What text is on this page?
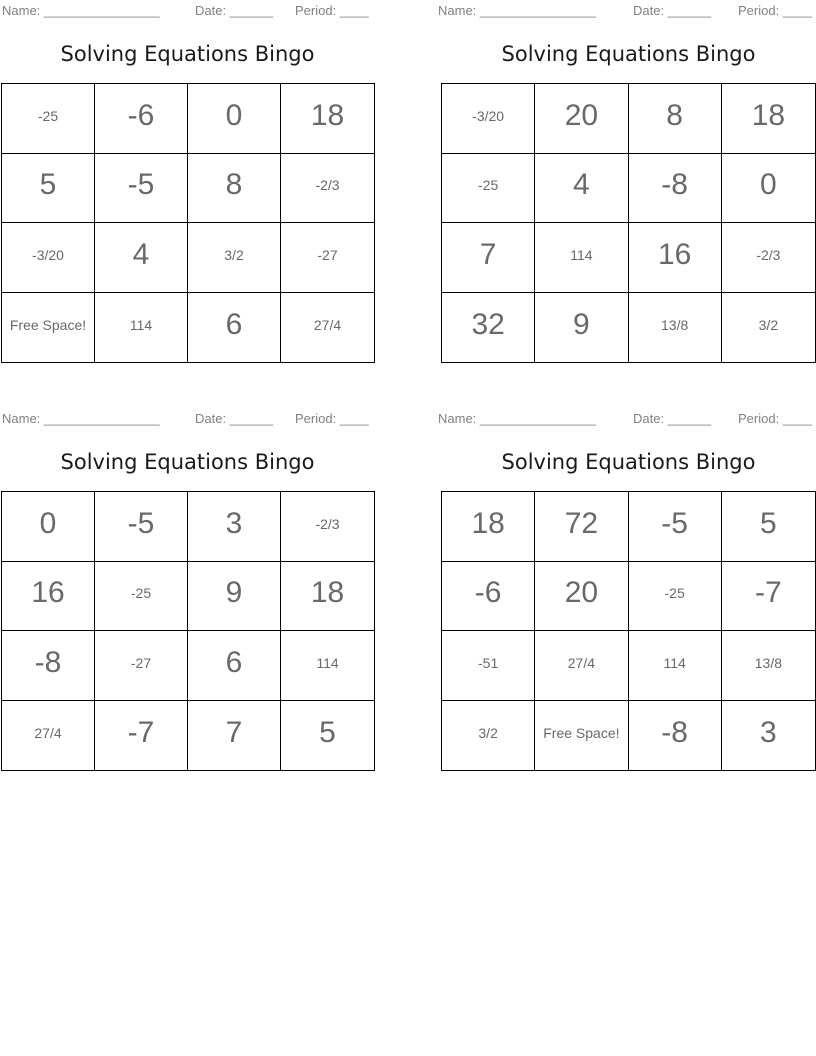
Name: ________________	Date: ______ Period: ____
Solving Equations Bingo
-25	-6	0	18
5	-5	8	-2/3
-3/20	4	3/2	-27
Free Space!	114	6	27/4
Name: ________________	Date: ______ Period: ____
Solving Equations Bingo
-3/20	20	8	18
-25	4	-8	0
7	114	16	-2/3
32	9	13/8	3/2
Name: ________________	Date: ______ Period: ____
Solving Equations Bingo
0	-5	3	-2/3
16	-25	9	18
-8	-27	6	114
27/4	-7	7	5
Name: ________________	Date: ______ Period: ____
Solving Equations Bingo
18	72	-5	5
-6	20	-25	-7
-51	27/4	114	13/8
3/2	Free Space!	-8	3
